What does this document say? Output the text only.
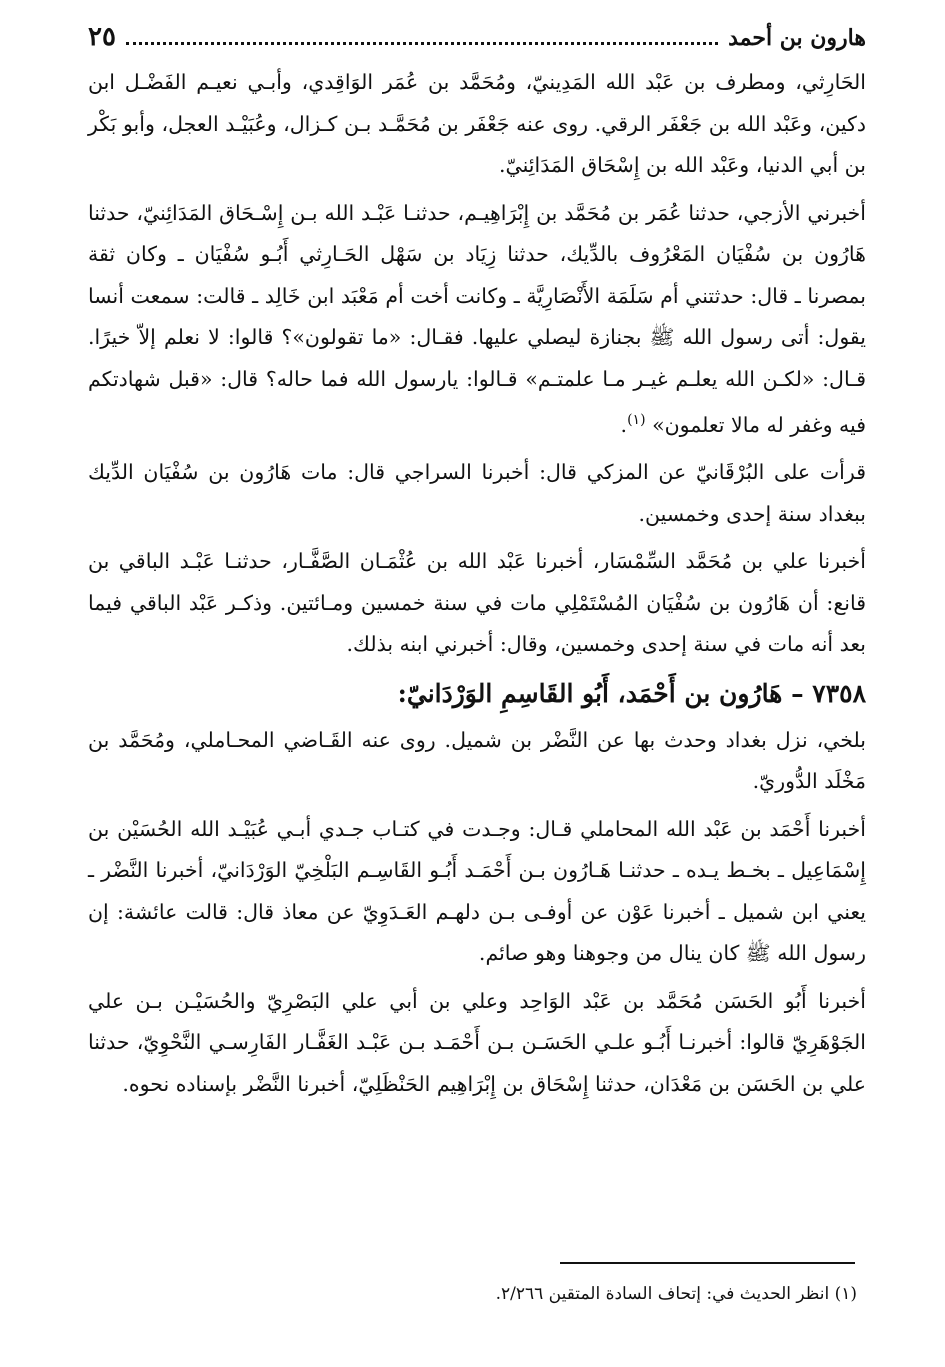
هارون بن أحمد
٢٥

الحَارِثي، ومطرف بن عَبْد الله المَدِينيّ، ومُحَمَّد بن عُمَر الوَاقِدي، وأبـي نعيـم الفَضْـل ابن دكين، وعَبْد الله بن جَعْفَر الرقي. روى عنه جَعْفَر بن مُحَمَّـد بـن كـزال، وعُبَيْـد العجل، وأبو بَكْر بن أبي الدنيا، وعَبْد الله بن إِسْحَاق المَدَائِنيّ.

أخبرني الأزجي، حدثنا عُمَر بن مُحَمَّد بن إِبْرَاهِيـم، حدثنـا عَبْـد الله بـن إِسْـحَاق المَدَائِنيّ، حدثنا هَارُون بن سُفْيَان المَعْرُوف بالدِّيك، حدثنا زِيَاد بن سَهْل الحَـارِثي أَبُـو سُفْيَان ـ وكان ثقة بمصرنا ـ قال: حدثتني أم سَلَمَة الأَنْصَارِيَّة ـ وكانت أخت أم مَعْبَد ابن خَالِد ـ قالت: سمعت أنسا يقول: أتى رسول الله ﷺ بجنازة ليصلي عليها. فقـال: «ما تقولون»؟ قالوا: لا نعلم إلاّ خيرًا. قـال: «لكـن الله يعلـم غيـر مـا علمتـم» قـالوا: يارسول الله فما حاله؟ قال: «قبل شهادتكم فيه وغفر له مالا تعلمون» $^{(١)}$.

قرأت على البُرْقَانيّ عن المزكي قال: أخبرنا السراجي قال: مات هَارُون بن سُفْيَان الدِّيك ببغداد سنة إحدى وخمسين.

أخبرنا علي بن مُحَمَّد السِّمْسَار، أخبرنا عَبْد الله بن عُثْمَـان الصَّفَّـار، حدثنـا عَبْـد الباقي بن قانع: أن هَارُون بن سُفْيَان المُسْتَمْلِي مات في سنة خمسين ومـائتين. وذكـر عَبْد الباقي فيما بعد أنه مات في سنة إحدى وخمسين، وقال: أخبرني ابنه بذلك.

٧٣٥٨ – هَارُون بن أَحْمَد، أَبُو القَاسِمِ الوَرْدَانيّ:

بلخي، نزل بغداد وحدث بها عن النَّضْر بن شميل. روى عنه القَـاضي المحـاملي، ومُحَمَّد بن مَخْلَد الدُّوريّ.

أخبرنا أَحْمَد بن عَبْد الله المحاملي قـال: وجـدت في كتـاب جـدي أبـي عُبَيْـد الله الحُسَيْن بن إِسْمَاعِيل ـ بخـط يـده ـ حدثنـا هَـارُون بـن أَحْمَـد أَبُـو القَاسِـم البَلْخِيّ الوَرْدَانيّ، أخبرنا النَّضْر ـ يعني ابن شميل ـ أخبرنا عَوْن عن أوفـى بـن دلهـم العَـدَوِيّ عن معاذ قال: قالت عائشة: إن رسول الله ﷺ كان ينال من وجوهنا وهو صائم.

أخبرنا أَبُو الحَسَن مُحَمَّد بن عَبْد الوَاحِد وعلي بن أبي علي البَصْرِيّ والحُسَيْـن بـن علي الجَوْهَرِيّ قالوا: أخبرنـا أَبُـو علـي الحَسَـن بـن أَحْمَـد بـن عَبْـد الغَفَّـار الفَارِسـي النَّحْوِيّ، حدثنا علي بن الحَسَن بن مَعْدَان، حدثنا إِسْحَاق بن إِبْرَاهِيم الحَنْظَلِيّ، أخبرنا النَّضْر بإسناده نحوه.

(١) انظر الحديث في: إتحاف السادة المتقين ٢/٢٦٦.
